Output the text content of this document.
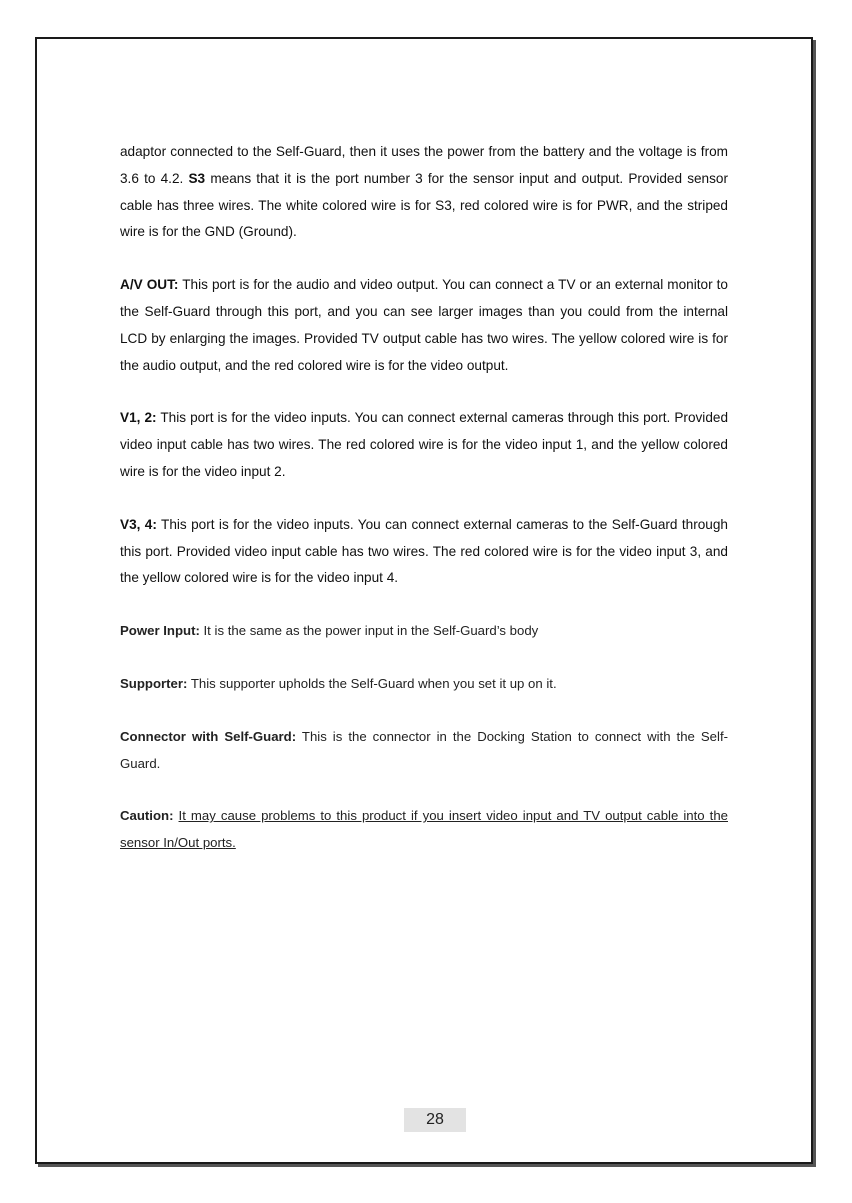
adaptor connected to the Self-Guard, then it uses the power from the battery and the voltage is from 3.6 to 4.2. S3 means that it is the port number 3 for the sensor input and output. Provided sensor cable has three wires. The white colored wire is for S3, red colored wire is for PWR, and the striped wire is for the GND (Ground).

A/V OUT: This port is for the audio and video output. You can connect a TV or an external monitor to the Self-Guard through this port, and you can see larger images than you could from the internal LCD by enlarging the images. Provided TV output cable has two wires. The yellow colored wire is for the audio output, and the red colored wire is for the video output.

V1, 2: This port is for the video inputs. You can connect external cameras through this port. Provided video input cable has two wires. The red colored wire is for the video input 1, and the yellow colored wire is for the video input 2.

V3, 4: This port is for the video inputs. You can connect external cameras to the Self-Guard through this port. Provided video input cable has two wires. The red colored wire is for the video input 3, and the yellow colored wire is for the video input 4.

Power Input: It is the same as the power input in the Self-Guard’s body

Supporter: This supporter upholds the Self-Guard when you set it up on it.

Connector with Self-Guard: This is the connector in the Docking Station to connect with the Self-Guard.

Caution: It may cause problems to this product if you insert video input and TV output cable into the sensor In/Out ports.

28
